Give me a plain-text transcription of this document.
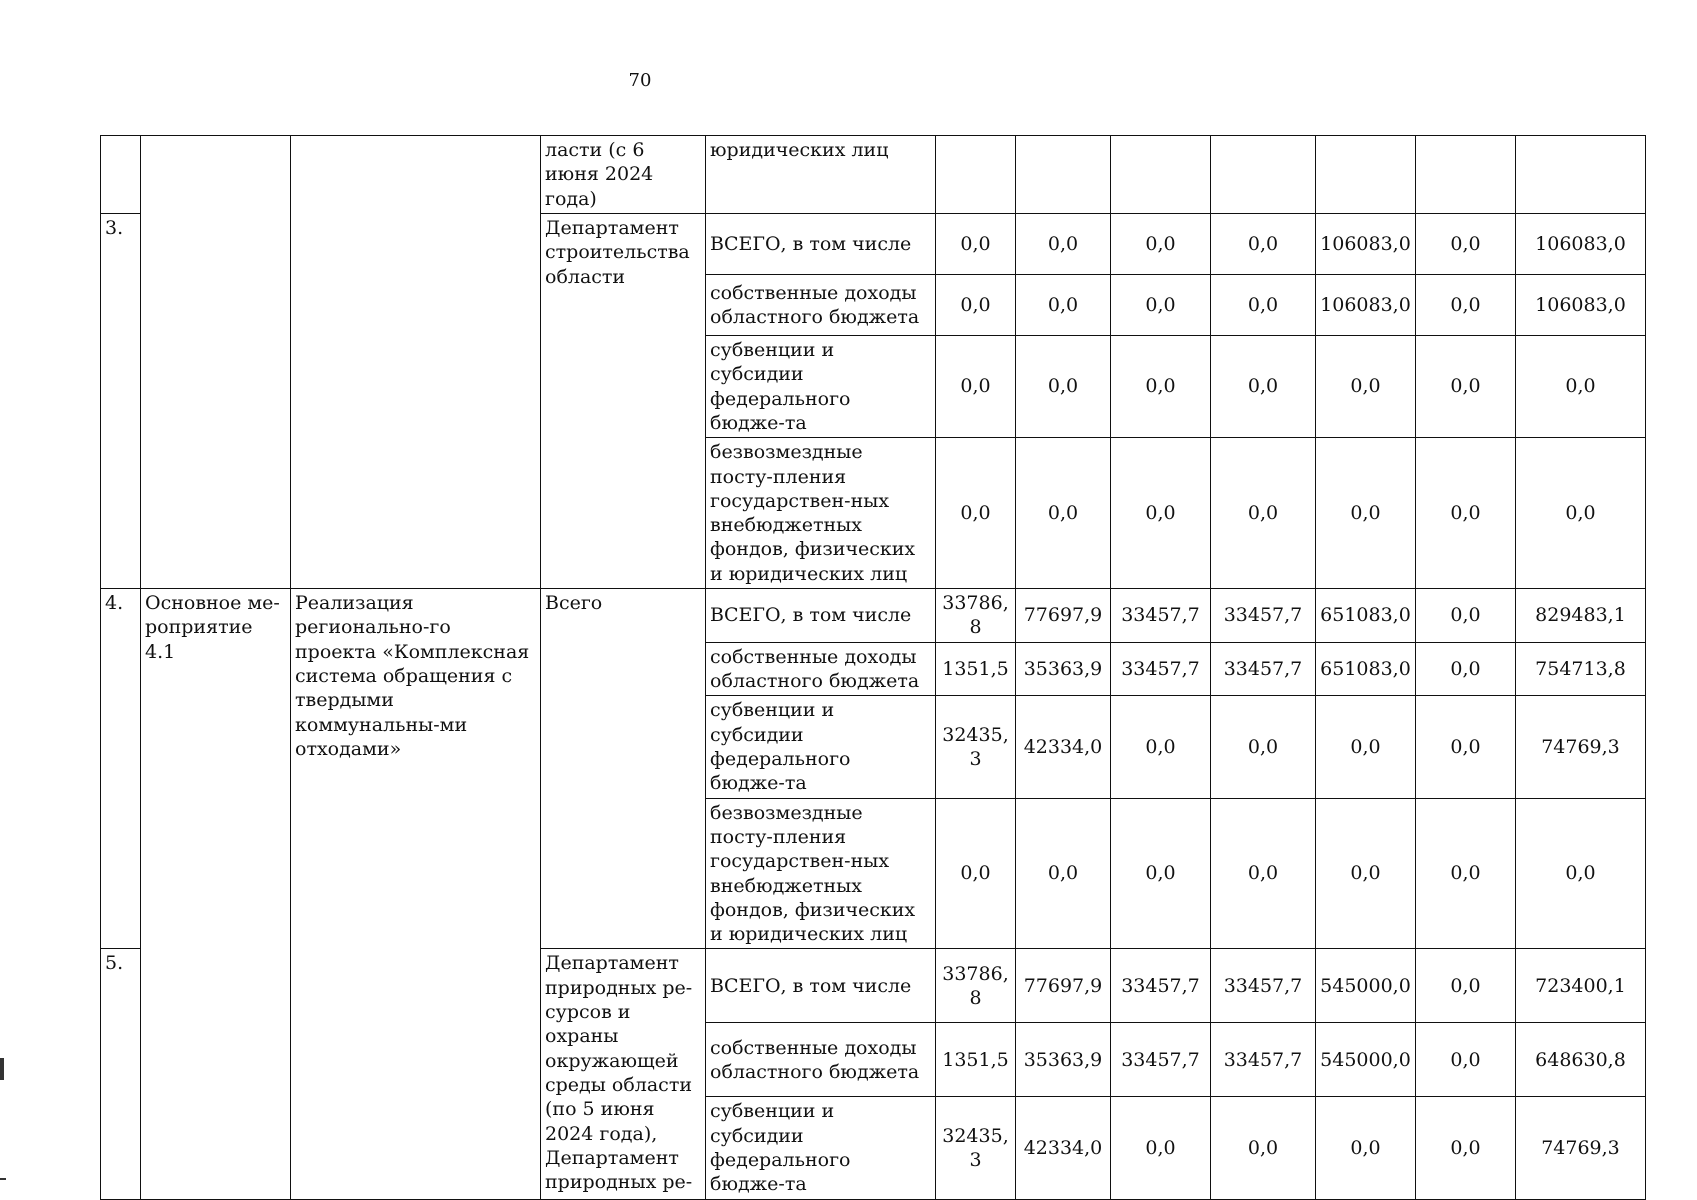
70
			ласти (с 6 июня 2024 года)	юридических лиц							
3.			Департамент строительства области	ВСЕГО, в том числе	0,0	0,0	0,0	0,0	106083,0	0,0	106083,0
				собственные доходы областного бюджета	0,0	0,0	0,0	0,0	106083,0	0,0	106083,0
				субвенции и субсидии федерального бюдже-та	0,0	0,0	0,0	0,0	0,0	0,0	0,0
				безвозмездные посту-пления государствен-ных внебюджетных фондов, физических и юридических лиц	0,0	0,0	0,0	0,0	0,0	0,0	0,0
4.	Основное ме-роприятие 4.1	Реализация регионально-го проекта «Комплексная система обращения с твердыми коммунальны-ми отходами»	Всего	ВСЕГО, в том числе	33786,8	77697,9	33457,7	33457,7	651083,0	0,0	829483,1
				собственные доходы областного бюджета	1351,5	35363,9	33457,7	33457,7	651083,0	0,0	754713,8
				субвенции и субсидии федерального бюдже-та	32435,3	42334,0	0,0	0,0	0,0	0,0	74769,3
				безвозмездные посту-пления государствен-ных внебюджетных фондов, физических и юридических лиц	0,0	0,0	0,0	0,0	0,0	0,0	0,0
5.			Департамент природных ре-сурсов и охраны окружающей среды области (по 5 июня 2024 года), Департамент природных ре-	ВСЕГО, в том числе	33786,8	77697,9	33457,7	33457,7	545000,0	0,0	723400,1
				собственные доходы областного бюджета	1351,5	35363,9	33457,7	33457,7	545000,0	0,0	648630,8
				субвенции и субсидии федерального бюдже-та	32435,3	42334,0	0,0	0,0	0,0	0,0	74769,3
